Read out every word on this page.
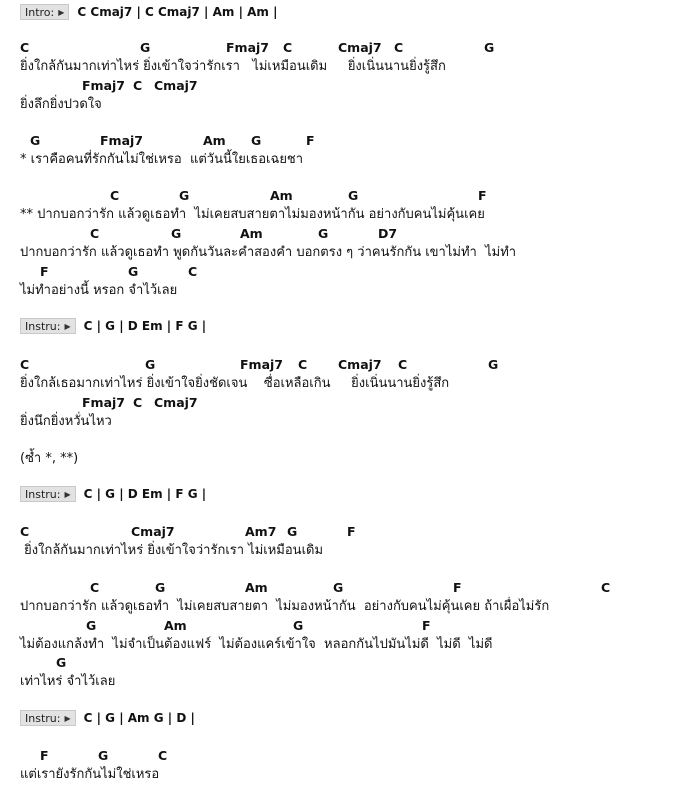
Intro: ▶ C Cmaj7 | C Cmaj7 | Am | Am |
C	G	Fmaj7 C	Cmaj7 C	G
ยิ่งใกล้กันมากเท่าไหร่ ยิ่งเข้าใจว่ารักเรา   ไม่เหมือนเดิม     ยิ่งเนิ่นนานยิ่งรู้สึก
Fmaj7 C Cmaj7
ยิ่งลึกยิ่งปวดใจ
G	Fmaj7	Am G	F
* เราคือคนที่รักกันไม่ใช่เหรอ  แต่วันนี้ใยเธอเฉยชา
C	G	Am	G	F
** ปากบอกว่ารัก แล้วดูเธอทำ  ไม่เคยสบสายตาไม่มองหน้ากัน อย่างกับคนไม่คุ้นเคย
C	G	Am	G	D7
ปากบอกว่ารัก แล้วดูเธอทำ พูดกันวันละคำสองคำ บอกตรง ๆ ว่าคนรักกัน เขาไม่ทำ  ไม่ทำ
F	G	C
ไม่ทำอย่างนี้ หรอก จำไว้เลย
Instru: ▶ C | G | D Em | F G |
C	G	Fmaj7 C Cmaj7 C	G
ยิ่งใกล้เธอมากเท่าไหร่ ยิ่งเข้าใจยิ่งชัดเจน    ซื่อเหลือเกิน     ยิ่งเนิ่นนานยิ่งรู้สึก
Fmaj7 C Cmaj7
ยิ่งนึกยิ่งหวั่นไหว
(ซ้ำ *, **)
Instru: ▶ C | G | D Em | F G |
C	Cmaj7	Am7 G	F
ยิ่งใกล้กันมากเท่าไหร่ ยิ่งเข้าใจว่ารักเรา ไม่เหมือนเดิม
C	G	Am	G	F	C
ปากบอกว่ารัก แล้วดูเธอทำ  ไม่เคยสบสายตา  ไม่มองหน้ากัน  อย่างกับคนไม่คุ้นเคย ถ้าเผื่อไม่รัก
G	Am	G	F
ไม่ต้องแกล้งทำ  ไม่จำเป็นต้องแฟร์  ไม่ต้องแคร์เข้าใจ  หลอกกันไปมันไม่ดี  ไม่ดี  ไม่ดี
G
เท่าไหร่ จำไว้เลย
Instru: ▶ C | G | Am G | D |
F	G	C
แต่เรายังรักกันไม่ใช่เหรอ
